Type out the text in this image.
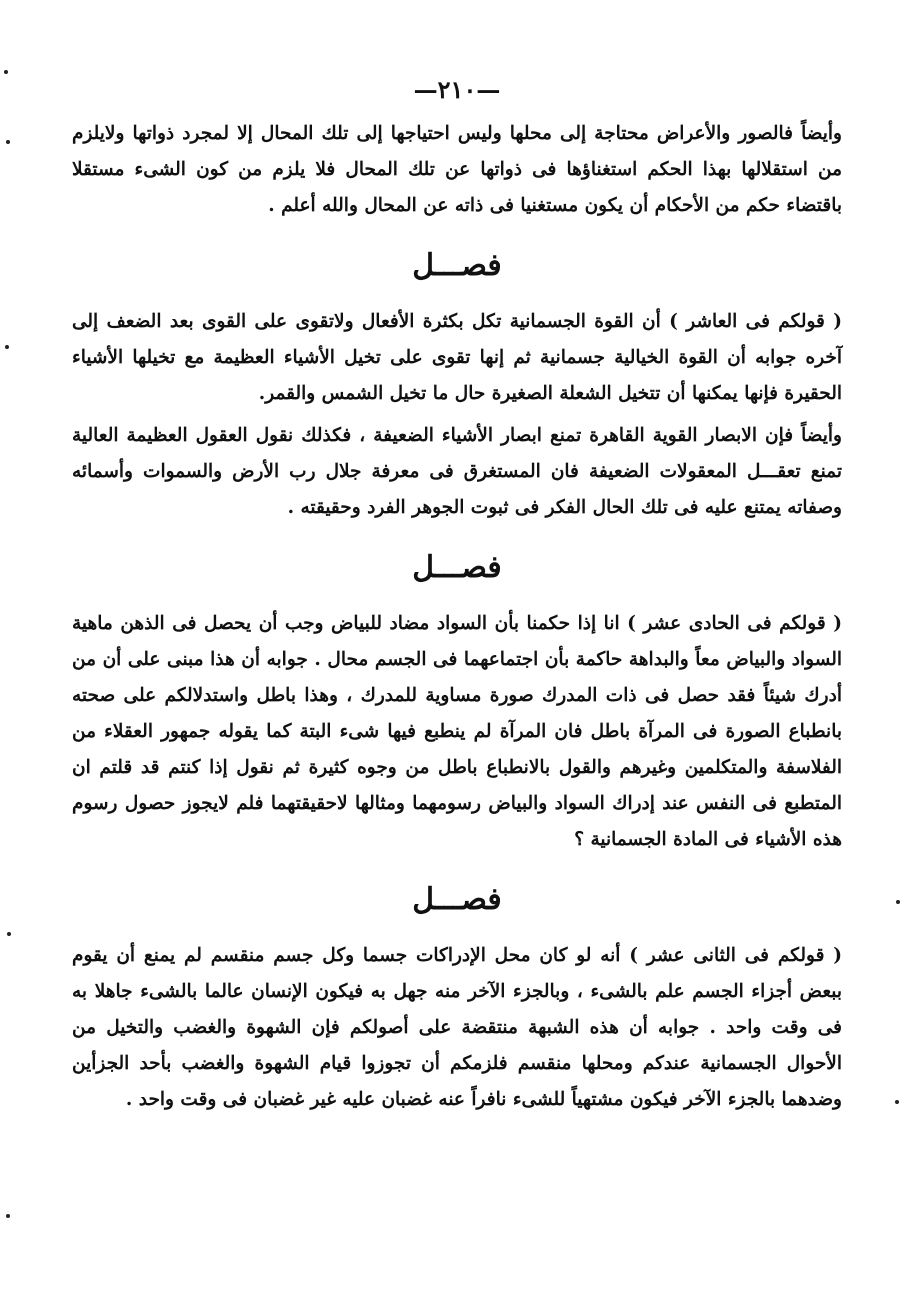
—۲۱۰—

وأيضاً فالصور والأعراض محتاجة إلى محلها وليس احتياجها إلى تلك المحال إلا لمجرد ذواتها ولايلزم من استقلالها بهذا الحكم استغناؤها فى ذواتها عن تلك المحال فلا يلزم من كون الشىء مستقلا باقتضاء حكم من الأحكام أن يكون مستغنيا فى ذاته عن المحال والله أعلم .

فصـــل

( قولكم فى العاشر ) أن القوة الجسمانية تكل بكثرة الأفعال ولاتقوى على القوى بعد الضعف إلى آخره جوابه أن القوة الخيالية جسمانية ثم إنها تقوى على تخيل الأشياء العظيمة مع تخيلها الأشياء الحقيرة فإنها يمكنها أن تتخيل الشعلة الصغيرة حال ما تخيل الشمس والقمر.

وأيضاً فإن الابصار القوية القاهرة تمنع ابصار الأشياء الضعيفة ، فكذلك نقول العقول العظيمة العالية تمنع تعقـــل المعقولات الضعيفة فان المستغرق فى معرفة جلال رب الأرض والسموات وأسمائه وصفاته يمتنع عليه فى تلك الحال الفكر فى ثبوت الجوهر الفرد وحقيقته .

فصـــل

( قولكم فى الحادى عشر ) انا إذا حكمنا بأن السواد مضاد للبياض وجب أن يحصل فى الذهن ماهية السواد والبياض معاً والبداهة حاكمة بأن اجتماعهما فى الجسم محال . جوابه أن هذا مبنى على أن من أدرك شيئاً فقد حصل فى ذات المدرك صورة مساوية للمدرك ، وهذا باطل واستدلالكم على صحته بانطباع الصورة فى المرآة باطل فان المرآة لم ينطبع فيها شىء البتة كما يقوله جمهور العقلاء من الفلاسفة والمتكلمين وغيرهم والقول بالانطباع باطل من وجوه كثيرة ثم نقول إذا كنتم قد قلتم ان المتطبع فى النفس عند إدراك السواد والبياض رسومهما ومثالها لاحقيقتهما فلم لايجوز حصول رسوم هذه الأشياء فى المادة الجسمانية ؟

فصـــل

( قولكم فى الثانى عشر ) أنه لو كان محل الإدراكات جسما وكل جسم منقسم لم يمنع أن يقوم ببعض أجزاء الجسم علم بالشىء ، وبالجزء الآخر منه جهل به فيكون الإنسان عالما بالشىء جاهلا به فى وقت واحد . جوابه أن هذه الشبهة منتقضة على أصولكم فإن الشهوة والغضب والتخيل من الأحوال الجسمانية عندكم ومحلها منقسم فلزمكم أن تجوزوا قيام الشهوة والغضب بأحد الجزأين وضدهما بالجزء الآخر فيكون مشتهياً للشىء نافراً عنه غضبان عليه غير غضبان فى وقت واحد .
